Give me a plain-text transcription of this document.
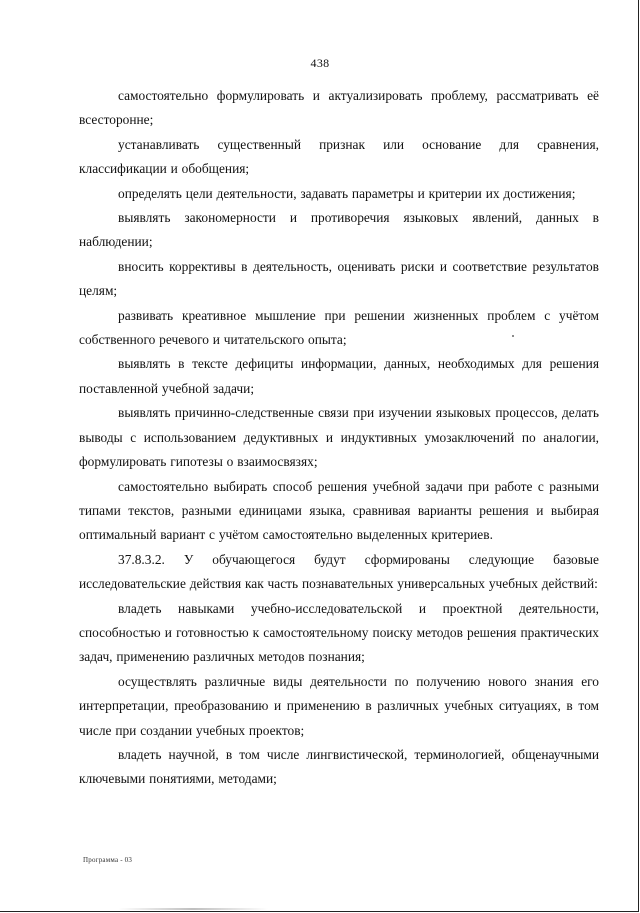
438

самостоятельно формулировать и актуализировать проблему, рассматривать её всесторонне;

устанавливать существенный признак или основание для сравнения, классификации и обобщения;

определять цели деятельности, задавать параметры и критерии их достижения;

выявлять закономерности и противоречия языковых явлений, данных в наблюдении;

вносить коррективы в деятельность, оценивать риски и соответствие результатов целям;

развивать креативное мышление при решении жизненных проблем с учётом собственного речевого и читательского опыта;

выявлять в тексте дефициты информации, данных, необходимых для решения поставленной учебной задачи;

выявлять причинно-следственные связи при изучении языковых процессов, делать выводы с использованием дедуктивных и индуктивных умозаключений по аналогии, формулировать гипотезы о взаимосвязях;

самостоятельно выбирать способ решения учебной задачи при работе с разными типами текстов, разными единицами языка, сравнивая варианты решения и выбирая оптимальный вариант с учётом самостоятельно выделенных критериев.

37.8.3.2. У обучающегося будут сформированы следующие базовые исследовательские действия как часть познавательных универсальных учебных действий:

владеть навыками учебно-исследовательской и проектной деятельности, способностью и готовностью к самостоятельному поиску методов решения практических задач, применению различных методов познания;

осуществлять различные виды деятельности по получению нового знания его интерпретации, преобразованию и применению в различных учебных ситуациях, в том числе при создании учебных проектов;

владеть научной, в том числе лингвистической, терминологией, общенаучными ключевыми понятиями, методами;

Программа - 03
